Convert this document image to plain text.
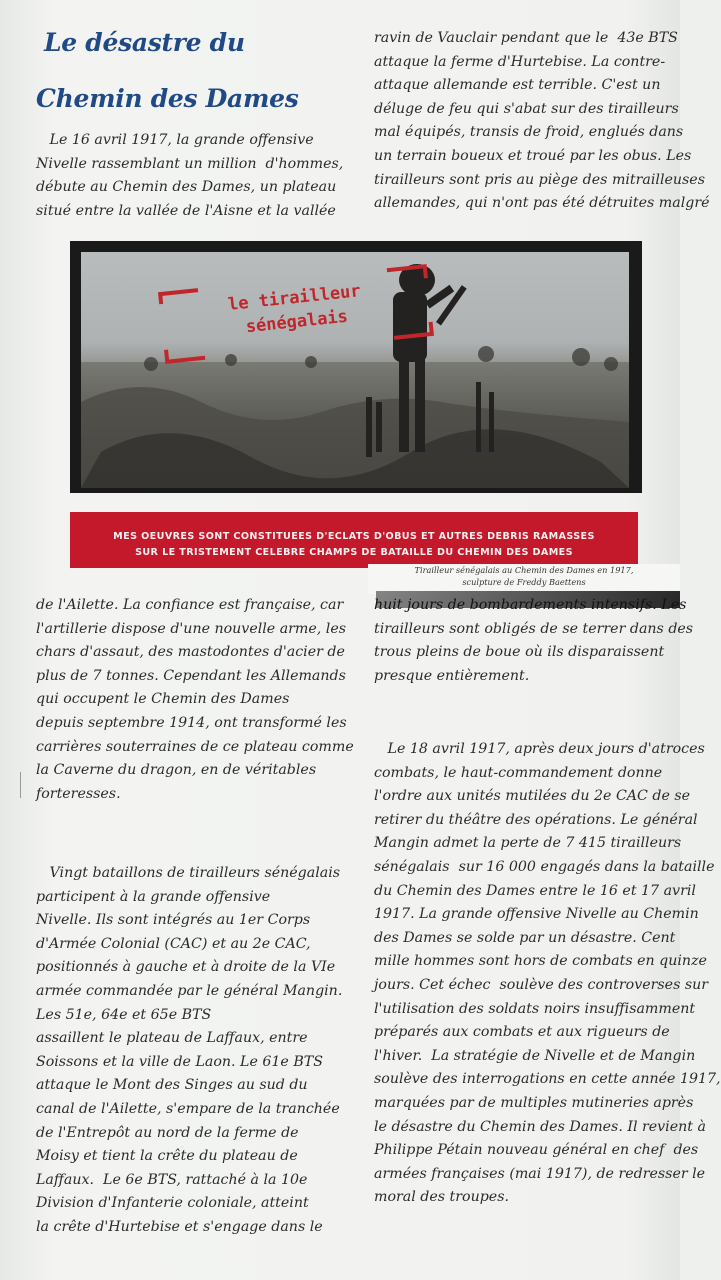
Le désastre du
Chemin des Dames
Le 16 avril 1917, la grande offensive
Nivelle rassemblant un million  d'hommes,
débute au Chemin des Dames, un plateau
situé entre la vallée de l'Aisne et la vallée
ravin de Vauclair pendant que le  43e BTS
attaque la ferme d'Hurtebise. La contre-
attaque allemande est terrible. C'est un
déluge de feu qui s'abat sur des tirailleurs
mal équipés, transis de froid, englués dans
un terrain boueux et troué par les obus. Les
tirailleurs sont pris au piège des mitrailleuses
allemandes, qui n'ont pas été détruites malgré
le tirailleur
sénégalais
MES OEUVRES SONT CONSTITUEES D'ECLATS D'OBUS ET AUTRES DEBRIS RAMASSES
SUR LE TRISTEMENT CELEBRE CHAMPS DE BATAILLE DU CHEMIN DES DAMES
Tirailleur sénégalais au Chemin des Dames en 1917,
sculpture de Freddy Baettens
de l'Ailette. La confiance est française, car
l'artillerie dispose d'une nouvelle arme, les
chars d'assaut, des mastodontes d'acier de
plus de 7 tonnes. Cependant les Allemands
qui occupent le Chemin des Dames
depuis septembre 1914, ont transformé les
carrières souterraines de ce plateau comme
la Caverne du dragon, en de véritables
forteresses.
Vingt bataillons de tirailleurs sénégalais
participent à la grande offensive
Nivelle. Ils sont intégrés au 1er Corps
d'Armée Colonial (CAC) et au 2e CAC,
positionnés à gauche et à droite de la VIe
armée commandée par le général Mangin.
Les 51e, 64e et 65e BTS
assaillent le plateau de Laffaux, entre
Soissons et la ville de Laon. Le 61e BTS
attaque le Mont des Singes au sud du
canal de l'Ailette, s'empare de la tranchée
de l'Entrepôt au nord de la ferme de
Moisy et tient la crête du plateau de
Laffaux.  Le 6e BTS, rattaché à la 10e
Division d'Infanterie coloniale, atteint
la crête d'Hurtebise et s'engage dans le
huit jours de bombardements intensifs. Les
tirailleurs sont obligés de se terrer dans des
trous pleins de boue où ils disparaissent
presque entièrement.
Le 18 avril 1917, après deux jours d'atroces
combats, le haut-commandement donne
l'ordre aux unités mutilées du 2e CAC de se
retirer du théâtre des opérations. Le général
Mangin admet la perte de 7 415 tirailleurs
sénégalais  sur 16 000 engagés dans la bataille
du Chemin des Dames entre le 16 et 17 avril
1917. La grande offensive Nivelle au Chemin
des Dames se solde par un désastre. Cent
mille hommes sont hors de combats en quinze
jours. Cet échec  soulève des controverses sur
l'utilisation des soldats noirs insuffisamment
préparés aux combats et aux rigueurs de
l'hiver.  La stratégie de Nivelle et de Mangin
soulève des interrogations en cette année 1917,
marquées par de multiples mutineries après
le désastre du Chemin des Dames. Il revient à
Philippe Pétain nouveau général en chef  des
armées françaises (mai 1917), de redresser le
moral des troupes.
